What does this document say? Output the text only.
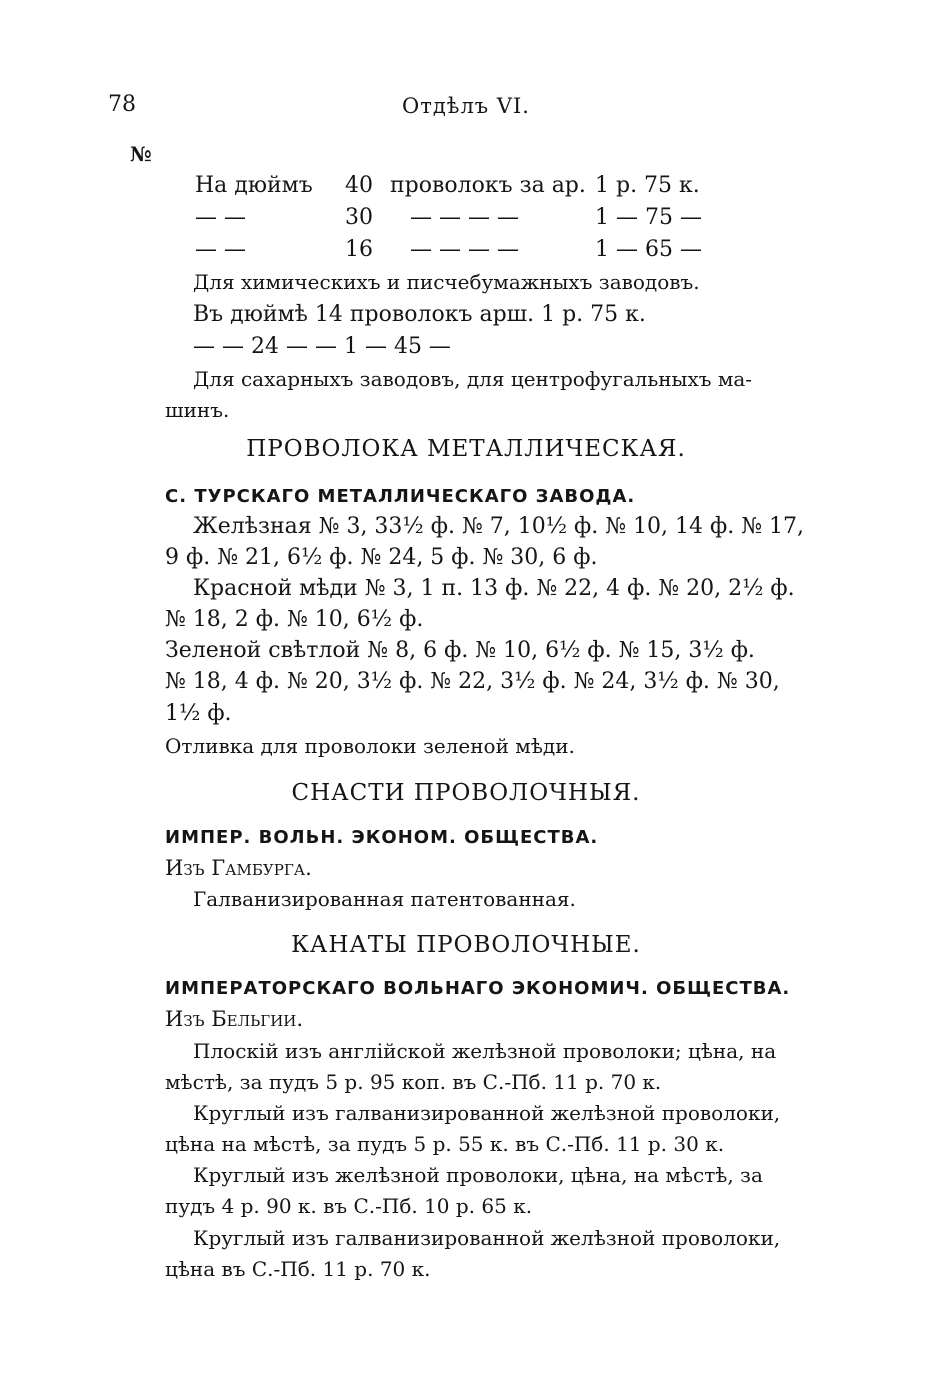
78	Отдѣлъ VI.
№
На дюймъ 40 проволокъ за ар. 1 р. 75 к.
— —	30 — — — —	1 — 75 —
— —	16 — — — —	1 — 65 —
Для химическихъ и писчебумажныхъ заводовъ.
Въ дюймѣ 14 проволокъ арш. 1 р. 75 к.
— — 24 — — 1 — 45 —
Для сахарныхъ заводовъ, для центрофугальныхъ ма-
шинъ.
ПРОВОЛОКА МЕТАЛЛИЧЕСКАЯ.
С. ТУРСКАГО МЕТАЛЛИЧЕСКАГО ЗАВОДА.
Желѣзная № 3, 33½ ф. № 7, 10½ ф. № 10, 14 ф. № 17,
9 ф. № 21, 6½ ф. № 24, 5 ф. № 30, 6 ф.
Красной мѣди № 3, 1 п. 13 ф. № 22, 4 ф. № 20, 2½ ф.
№ 18, 2 ф. № 10, 6½ ф.
Зеленой свѣтлой № 8, 6 ф. № 10, 6½ ф. № 15, 3½ ф.
№ 18, 4 ф. № 20, 3½ ф. № 22, 3½ ф. № 24, 3½ ф. № 30,
1½ ф.
Отливка для проволоки зеленой мѣди.
СНАСТИ ПРОВОЛОЧНЫЯ.
ИМПЕР. ВОЛЬН. ЭКОНОМ. ОБЩЕСТВА.
Изъ Гамбурга.
Галванизированная патентованная.
КАНАТЫ ПРОВОЛОЧНЫЕ.
ИМПЕРАТОРСКАГО ВОЛЬНАГО ЭКОНОМИЧ. ОБЩЕСТВА.
Изъ Бельгии.
Плоскій изъ англійской желѣзной проволоки; цѣна, на
мѣстѣ, за пудъ 5 р. 95 коп. въ С.-Пб. 11 р. 70 к.
Круглый изъ галванизированной желѣзной проволоки,
цѣна на мѣстѣ, за пудъ 5 р. 55 к. въ С.-Пб. 11 р. 30 к.
Круглый изъ желѣзной проволоки, цѣна, на мѣстѣ, за
пудъ 4 р. 90 к. въ С.-Пб. 10 р. 65 к.
Круглый изъ галванизированной желѣзной проволоки,
цѣна въ С.-Пб. 11 р. 70 к.
